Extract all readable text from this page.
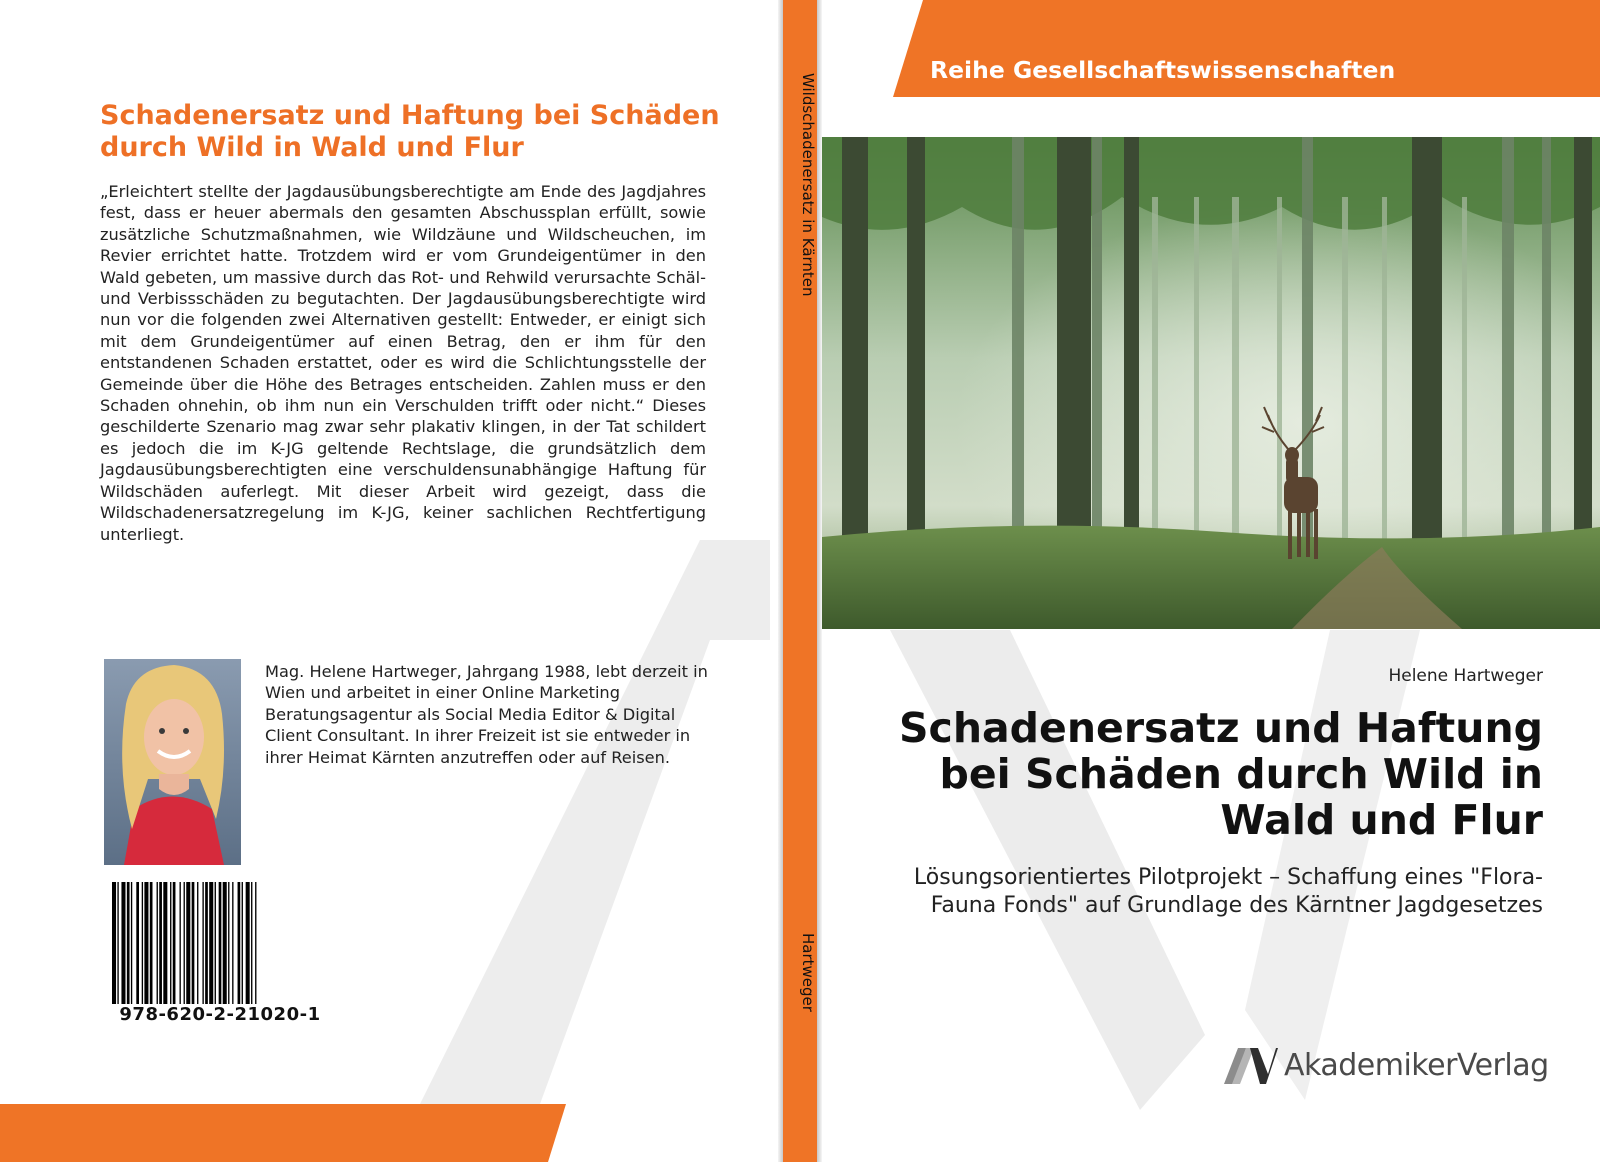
Schadenersatz und Haftung bei Schäden durch Wild in Wald und Flur

„Erleichtert stellte der Jagdausübungsberechtigte am Ende des Jagdjahres fest, dass er heuer abermals den gesamten Abschussplan erfüllt, sowie zusätzliche Schutzmaßnahmen, wie Wildzäune und Wildscheuchen, im Revier errichtet hatte. Trotzdem wird er vom Grundeigentümer in den Wald gebeten, um massive durch das Rot- und Rehwild verursachte Schäl- und Verbissschäden zu begutachten. Der Jagdausübungsberechtigte wird nun vor die folgenden zwei Alternativen gestellt: Entweder, er einigt sich mit dem Grundeigentümer auf einen Betrag, den er ihm für den entstandenen Schaden erstattet, oder es wird die Schlichtungsstelle der Gemeinde über die Höhe des Betrages entscheiden. Zahlen muss er den Schaden ohnehin, ob ihm nun ein Verschulden trifft oder nicht.“ Dieses geschilderte Szenario mag zwar sehr plakativ klingen, in der Tat schildert es jedoch die im K-JG geltende Rechtslage, die grundsätzlich dem Jagdausübungsberechtigten eine verschuldensunabhängige Haftung für Wildschäden auferlegt. Mit dieser Arbeit wird gezeigt, dass die Wildschadenersatzregelung im K-JG, keiner sachlichen Rechtfertigung unterliegt.

Mag. Helene Hartweger, Jahrgang 1988, lebt derzeit in Wien und arbeitet in einer Online Marketing Beratungsagentur als Social Media Editor & Digital Client Consultant. In ihrer Freizeit ist sie entweder in ihrer Heimat Kärnten anzutreffen oder auf Reisen.

978-620-2-21020-1
Wildschadenersatz in Kärnten
Hartweger
Reihe Gesellschaftswissenschaften
Helene Hartweger
Schadenersatz und Haftung bei Schäden durch Wild in Wald und Flur

Lösungsorientiertes Pilotprojekt – Schaffung eines "Flora-Fauna Fonds" auf Grundlage des Kärntner Jagdgesetzes

AkademikerVerlag
